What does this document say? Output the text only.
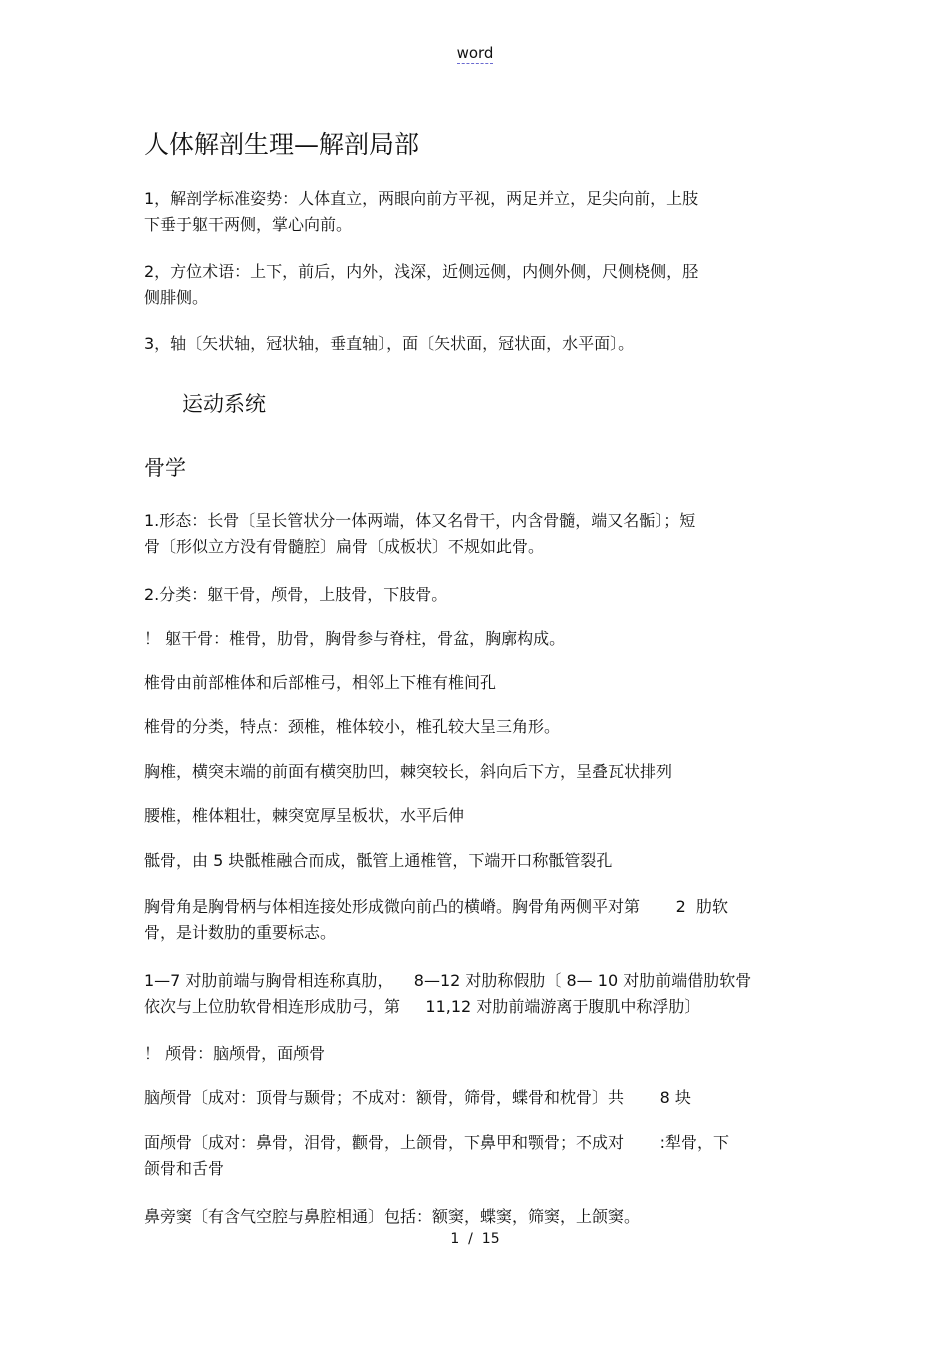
word
人体解剖生理—解剖局部
1，解剖学标准姿势：人体直立，两眼向前方平视，两足并立，足尖向前，上肢
下垂于躯干两侧，掌心向前。
2，方位术语：上下，前后，内外，浅深，近侧远侧，内侧外侧，尺侧桡侧，胫
侧腓侧。
3，轴〔矢状轴，冠状轴，垂直轴〕，面〔矢状面，冠状面，水平面〕。
运动系统
骨学
1.形态：长骨〔呈长管状分一体两端，体又名骨干，内含骨髓，端又名骺〕；短
骨〔形似立方没有骨髓腔〕扁骨〔成板状〕不规如此骨。
2.分类：躯干骨，颅骨，上肢骨，下肢骨。
！ 躯干骨：椎骨，肋骨，胸骨参与脊柱，骨盆，胸廓构成。
椎骨由前部椎体和后部椎弓，相邻上下椎有椎间孔
椎骨的分类，特点：颈椎，椎体较小，椎孔较大呈三角形。
胸椎，横突末端的前面有横突肋凹，棘突较长，斜向后下方，呈叠瓦状排列
腰椎，椎体粗壮，棘突宽厚呈板状，水平后伸
骶骨，由 5 块骶椎融合而成，骶管上通椎管，下端开口称骶管裂孔
胸骨角是胸骨柄与体相连接处形成微向前凸的横嵴。胸骨角两侧平对第       2  肋软
骨，是计数肋的重要标志。
1—7 对肋前端与胸骨相连称真肋，    8—12 对肋称假肋〔 8— 10 对肋前端借肋软骨
依次与上位肋软骨相连形成肋弓，第     11,12 对肋前端游离于腹肌中称浮肋〕
！ 颅骨：脑颅骨，面颅骨
脑颅骨〔成对：顶骨与颞骨；不成对：额骨，筛骨，蝶骨和枕骨〕共       8 块
面颅骨〔成对：鼻骨，泪骨，颧骨，上颌骨，下鼻甲和颚骨；不成对       :犁骨，下
颌骨和舌骨
鼻旁窦〔有含气空腔与鼻腔相通〕包括：额窦，蝶窦，筛窦，上颌窦。
1  /  15
